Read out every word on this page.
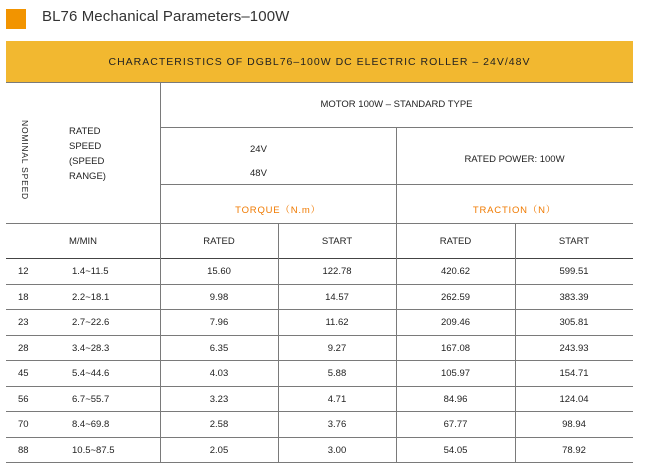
BL76 Mechanical Parameters–100W
CHARACTERISTICS OF DGBL76–100W DC ELECTRIC ROLLER – 24V/48V
MOTOR 100W – STANDARD TYPE
NOMINAL SPEED	RATED
SPEED
(SPEED
RANGE)
24V
48V
RATED POWER: 100W
TORQUE（N.m）	TRACTION（N）
M/MIN	RATED	START	RATED	START
12	1.4~11.5	15.60	122.78	420.62	599.51
18	2.2~18.1	9.98	14.57	262.59	383.39
23	2.7~22.6	7.96	11.62	209.46	305.81
28	3.4~28.3	6.35	9.27	167.08	243.93
45	5.4~44.6	4.03	5.88	105.97	154.71
56	6.7~55.7	3.23	4.71	84.96	124.04
70	8.4~69.8	2.58	3.76	67.77	98.94
88	10.5~87.5	2.05	3.00	54.05	78.92
